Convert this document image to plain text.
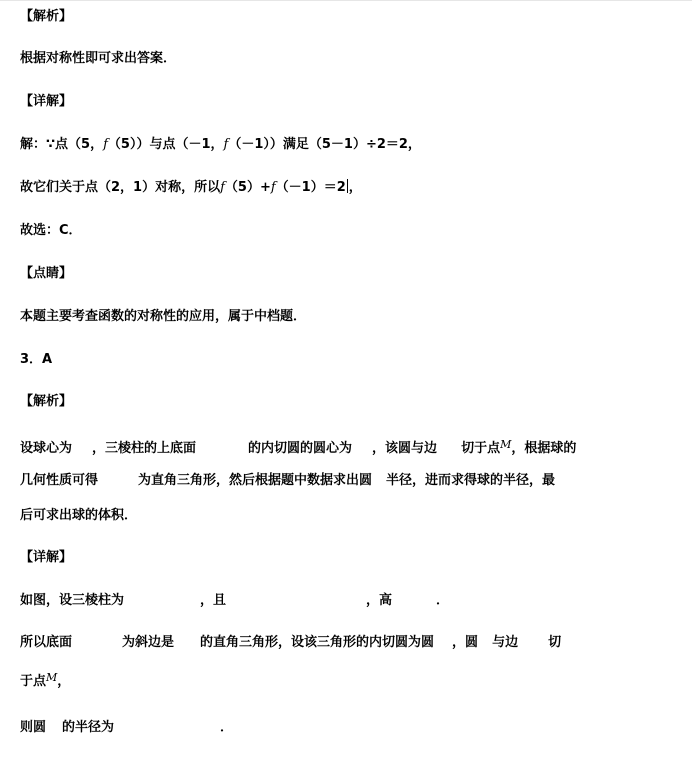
【解析】
根据对称性即可求出答案．
【详解】
解：∵点（5，f（5））与点（－1，f（－1））满足（5－1）÷2＝2，
故它们关于点（2，1）对称，所以f（5）+f（－1）＝2 ，
故选：C．
【点睛】
本题主要考查函数的对称性的应用，属于中档题．
3．A
【解析】
设球心为 ，三棱柱的上底面	的内切圆的圆心为 ，该圆与边 切于点$^M$，根据球的
几何性质可得	为直角三角形，然后根据题中数据求出圆 半径，进而求得球的半径，最
后可求出球的体积．
【详解】
如图，设三棱柱为	，且	，高	．
所以底面	为斜边是 的直角三角形，设该三角形的内切圆为圆 ，圆 与边 切
于点$^M$，
则圆 的半径为	．
